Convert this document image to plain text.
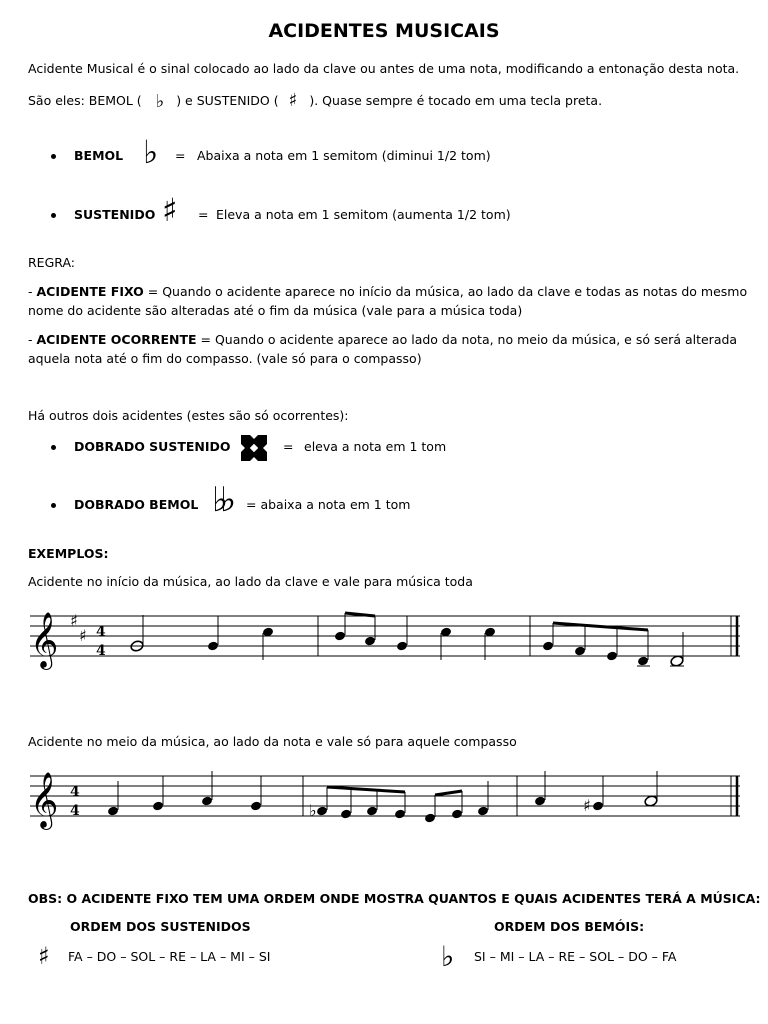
ACIDENTES MUSICAIS
Acidente Musical é o sinal colocado ao lado da clave ou antes de uma nota, modificando a entonação desta nota.
São eles: BEMOL ( ♭ ) e SUSTENIDO ( ♯ ). Quase sempre é tocado em uma tecla preta.
BEMOL ♭ = Abaixa a nota em 1 semitom (diminui 1/2 tom)
SUSTENIDO ♯ = Eleva a nota em 1 semitom (aumenta 1/2 tom)
REGRA:
- ACIDENTE FIXO = Quando o acidente aparece no início da música, ao lado da clave e todas as notas do mesmo
nome do acidente são alteradas até o fim da música (vale para a música toda)
- ACIDENTE OCORRENTE = Quando o acidente aparece ao lado da nota, no meio da música, e só será alterada
aquela nota até o fim do compasso. (vale só para o compasso)
Há outros dois acidentes (estes são só ocorrentes):
DOBRADO SUSTENIDO	= eleva a nota em 1 tom
DOBRADO BEMOL ♭♭ = abaixa a nota em 1 tom
EXEMPLOS:
Acidente no início da música, ao lado da clave e vale para música toda
𝄞 ♯
♯ 4
4
Acidente no meio da música, ao lado da nota e vale só para aquele compasso
𝄞 4
4	♭	♯
OBS: O ACIDENTE FIXO TEM UMA ORDEM ONDE MOSTRA QUANTOS E QUAIS ACIDENTES TERÁ A MÚSICA:
ORDEM DOS SUSTENIDOS	ORDEM DOS BEMÓIS:
♯ FA – DO – SOL – RE – LA – MI – SI	♭ SI – MI – LA – RE – SOL – DO – FA
